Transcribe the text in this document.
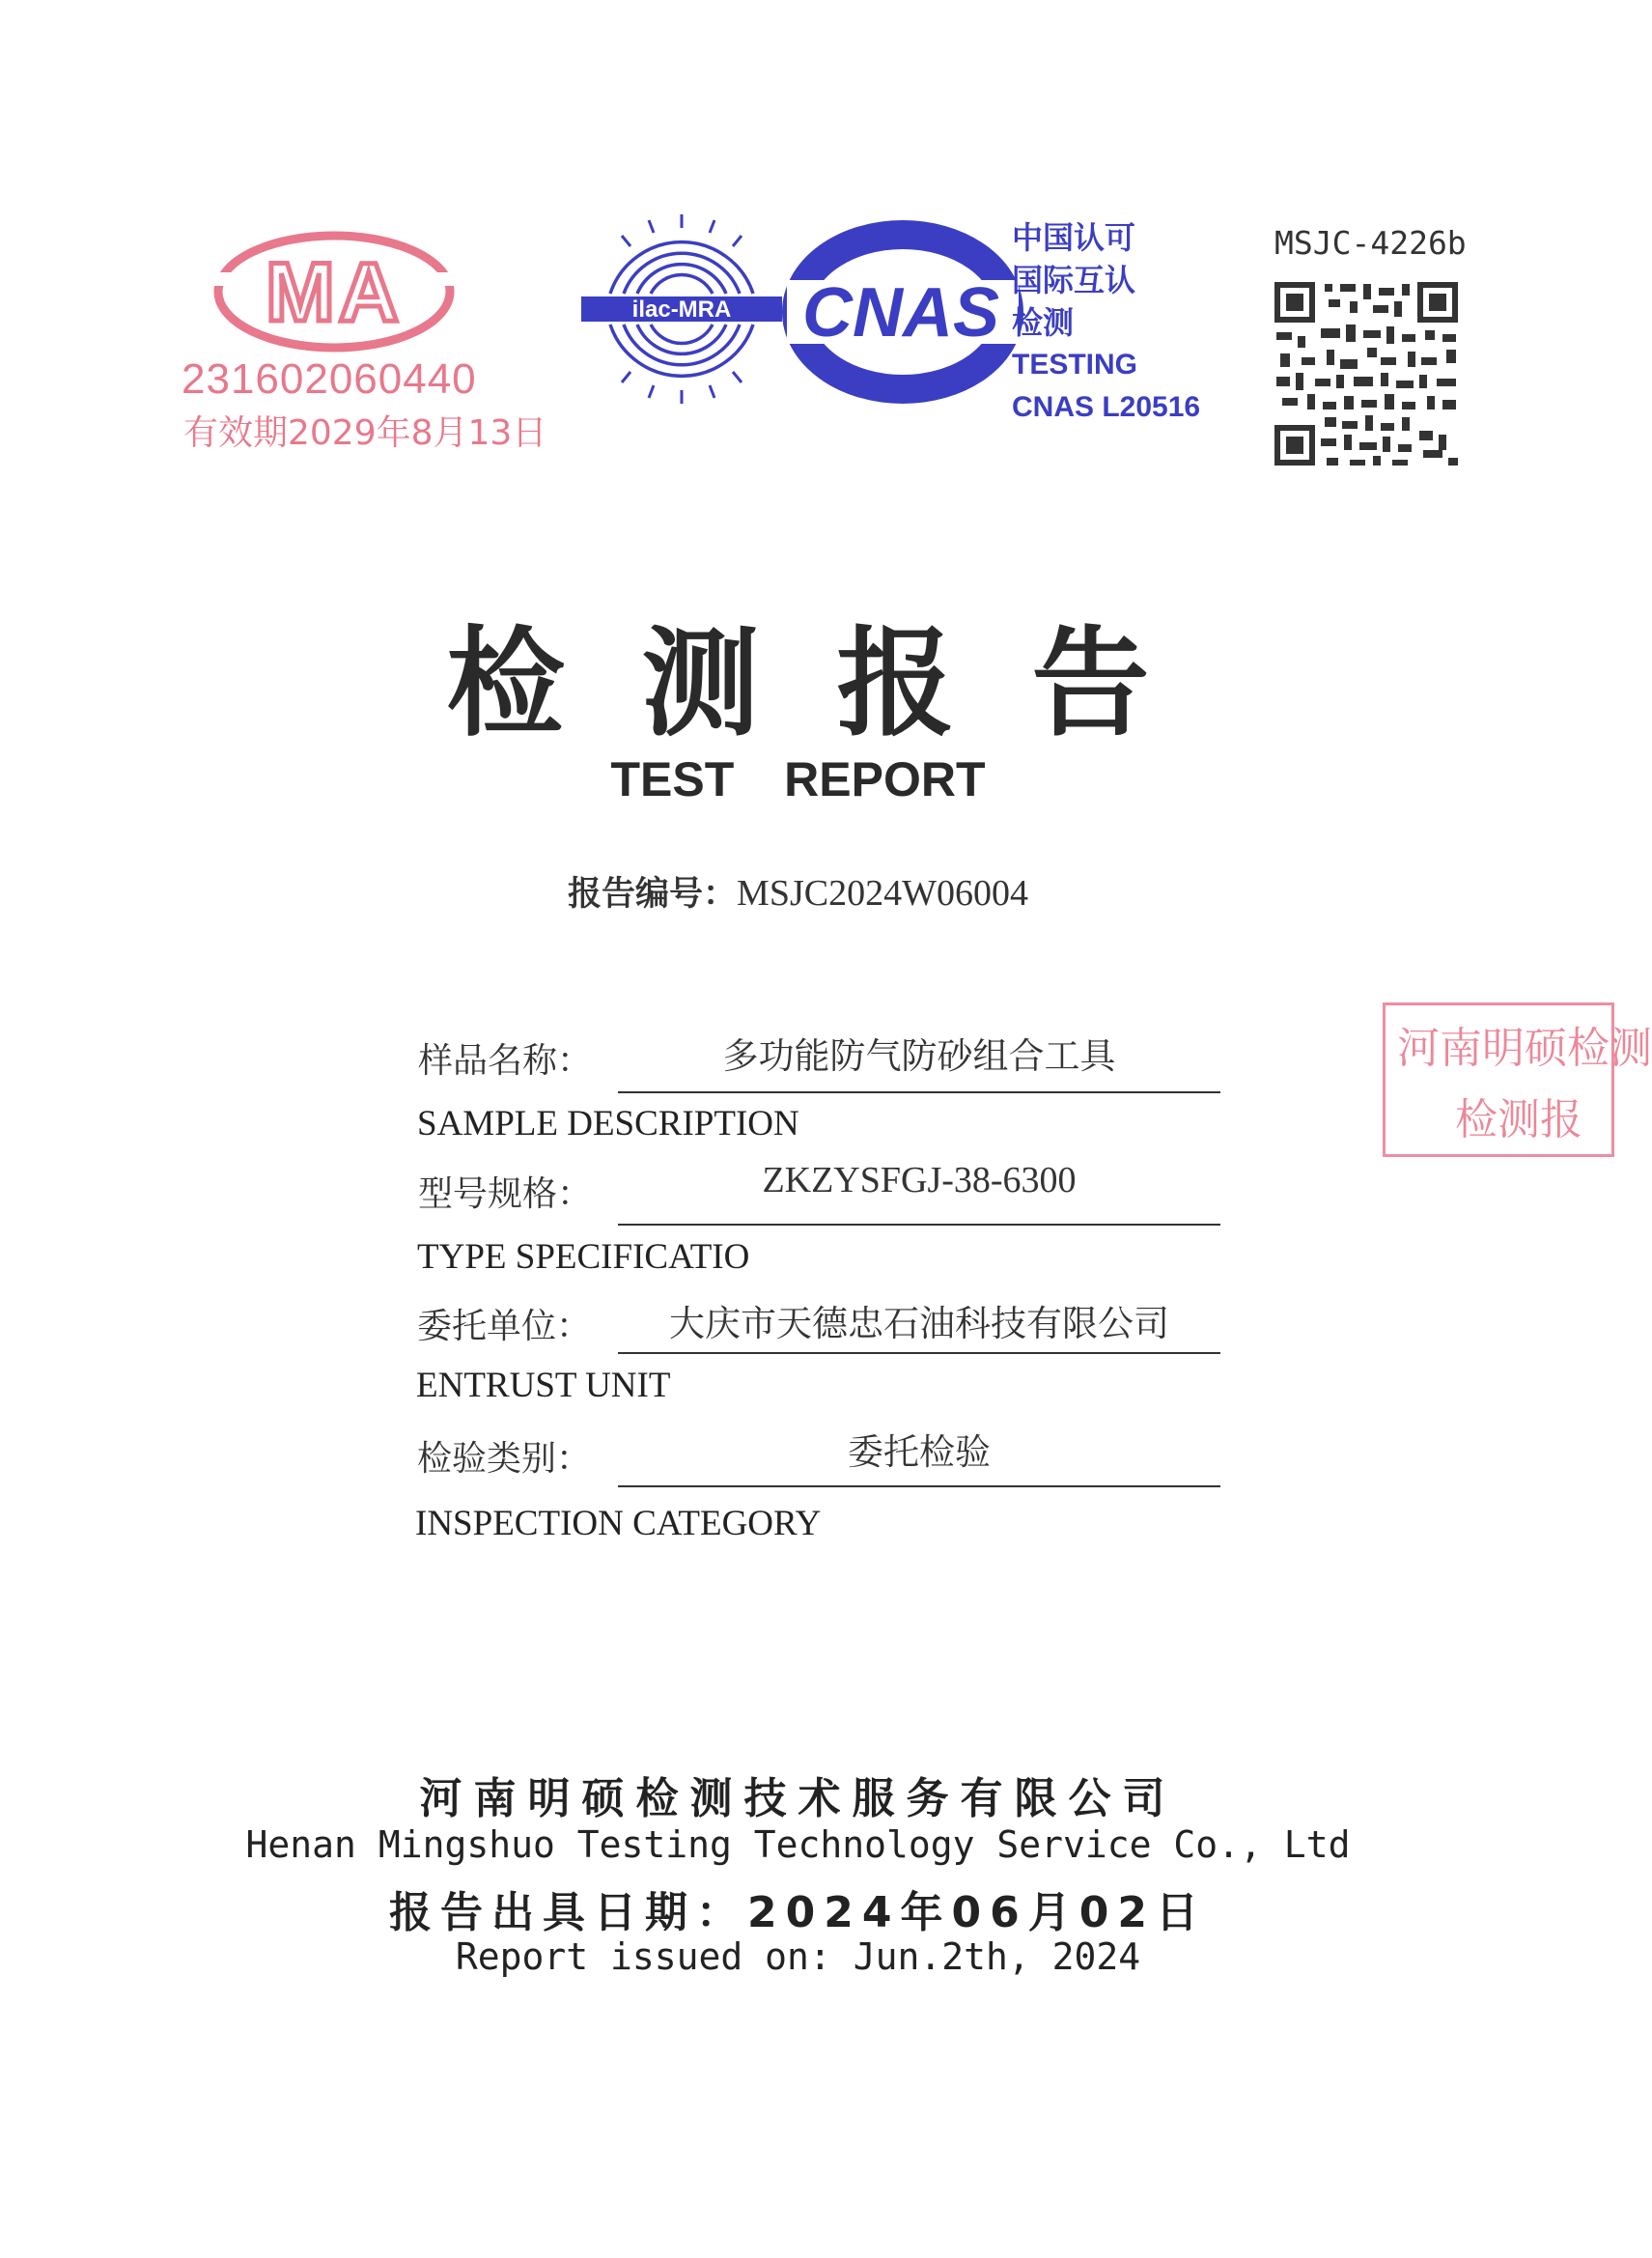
MA
231602060440
有效期2029年8月13日
ilac-MRA CNAS
中国认可
国际互认
检测
TESTING
CNAS L20516
MSJC-4226b
检测报告
TEST REPORT
报告编号：MSJC2024W06004
样品名称：	多功能防气防砂组合工具
SAMPLE DESCRIPTION
型号规格：	ZKZYSFGJ-38-6300
TYPE SPECIFICATIO
委托单位：	大庆市天德忠石油科技有限公司
ENTRUST UNIT
检验类别：	委托检验
INSPECTION CATEGORY
河南明硕检测
检测报
河南明硕检测技术服务有限公司
Henan Mingshuo Testing Technology Service Co., Ltd
报告出具日期：2024年06月02日
Report issued on: Jun.2th, 2024
